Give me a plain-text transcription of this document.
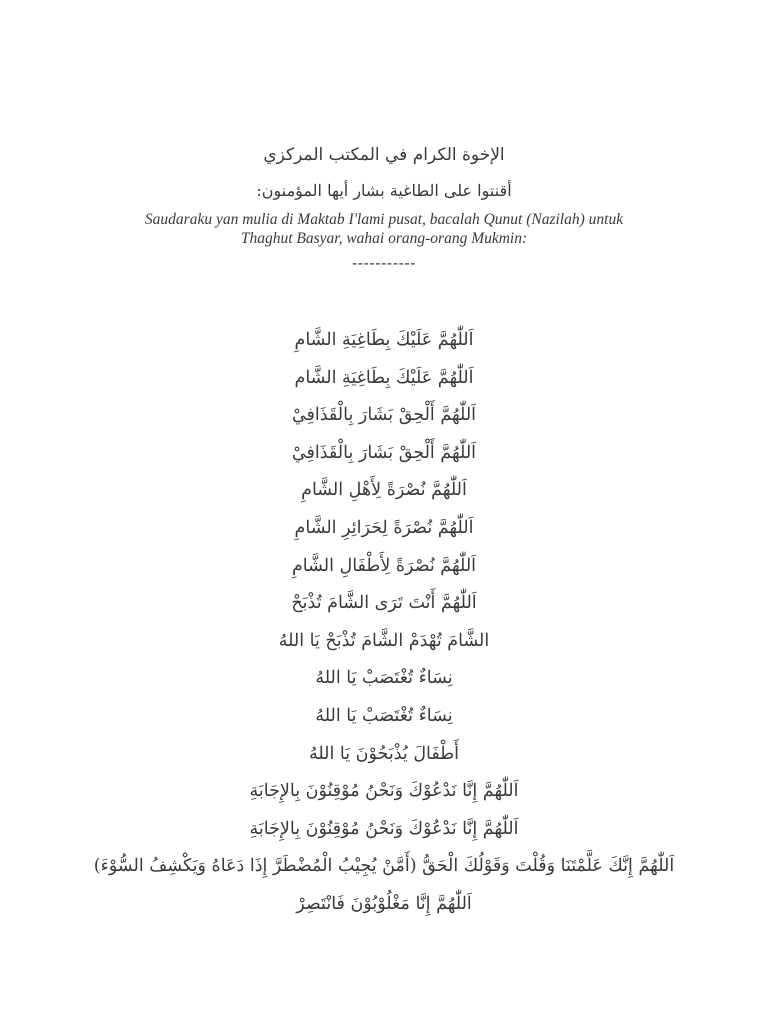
الإخوة الكرام في المكتب المركزي
أقنتوا على الطاغية بشار أيها المؤمنون:
Saudaraku yan mulia di Maktab I'lami pusat, bacalah Qunut (Nazilah) untuk Thaghut Basyar, wahai orang-orang Mukmin:
-----------
اَللّٰهُمَّ عَلَيْكَ بِطَاغِيَةِ الشَّامِ
اَللّٰهُمَّ عَلَيْكَ بِطَاغِيَةِ الشَّام
اَللّٰهُمَّ أَلْحِقْ بَشَارَ بِالْقَذَافِيْ
اَللّٰهُمَّ أَلْحِقْ بَشَارَ بِالْقَذَافِيْ
اَللّٰهُمَّ نُصْرَةً لِأَهْلِ الشَّامِ
اَللّٰهُمَّ نُصْرَةً لِحَرَائِرِ الشَّامِ
اَللّٰهُمَّ نُصْرَةً لِأَطْفَالِ الشَّامِ
اَللّٰهُمَّ أَنْتَ تَرَى الشَّامَ تُذْبَحْ
الشَّامَ تُهْدَمْ الشَّامَ تُذْبَحْ يَا اللهُ
نِسَاءٌ تُغْتَصَبْ يَا اللهُ
نِسَاءٌ تُغْتَصَبْ يَا اللهُ
أَطْفَالَ يُذْبَحُوْنَ يَا اللهُ
اَللّٰهُمَّ إِنَّا نَدْعُوْكَ وَنَحْنُ مُوْقِنُوْنَ بِالإِجَابَةِ
اَللّٰهُمَّ إِنَّا نَدْعُوْكَ وَنَحْنُ مُوْقِنُوْنَ بِالإِجَابَةِ
اَللّٰهُمَّ إِنَّكَ عَلَّمْتَنَا وَقُلْتَ وَقَوْلُكَ الْحَقُّ (أَمَّنْ يُجِيْبُ الْمُضْطَرَّ إِذَا دَعَاهُ وَيَكْشِفُ السُّوْءَ)
اَللّٰهُمَّ إِنَّا مَغْلُوْبُوْنَ فَانْتَصِرْ
